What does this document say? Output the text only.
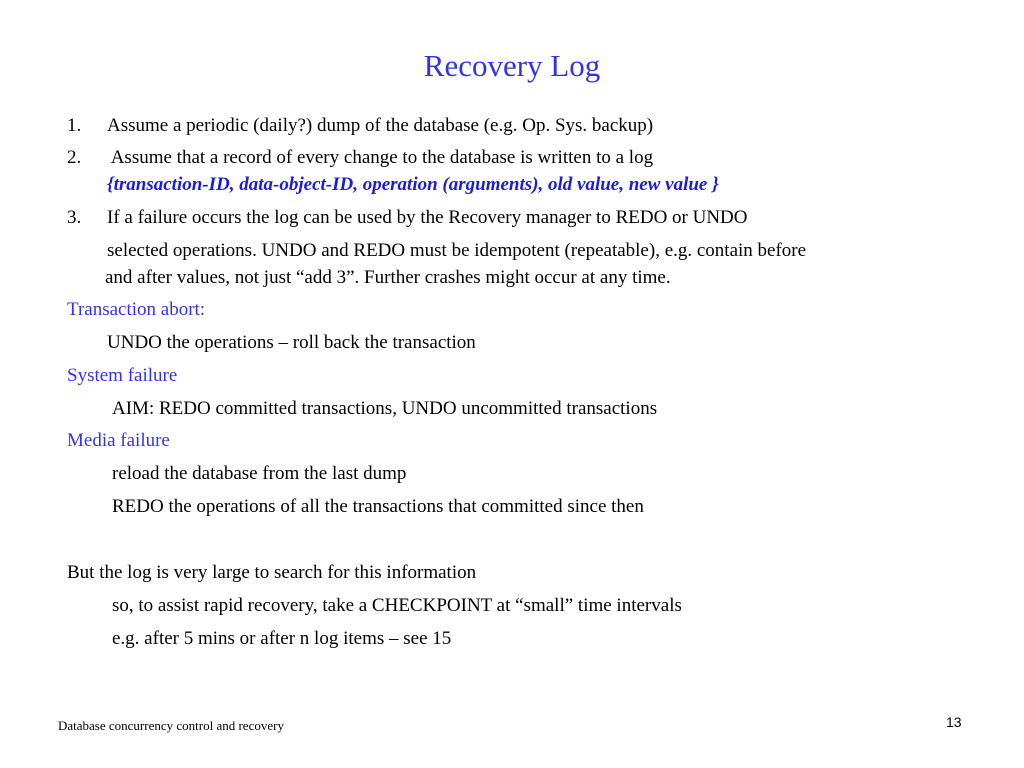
Recovery Log
1. Assume a periodic (daily?) dump of the database (e.g. Op. Sys. backup)
2. Assume that a record of every change to the database is written to a log
{transaction-ID, data-object-ID, operation (arguments), old value, new value }
3. If a failure occurs the log can be used by the Recovery manager to REDO or UNDO
selected operations. UNDO and REDO must be idempotent (repeatable), e.g. contain before
and after values, not just “add 3”. Further crashes might occur at any time.
Transaction abort:
UNDO the operations – roll back the transaction
System failure
AIM: REDO committed transactions, UNDO uncommitted transactions
Media failure
reload the database from the last dump
REDO the operations of all the transactions that committed since then
But the log is very large to search for this information
so, to assist rapid recovery, take a CHECKPOINT at “small” time intervals
e.g. after 5 mins or after n log items – see 15
Database concurrency control and recovery	13
